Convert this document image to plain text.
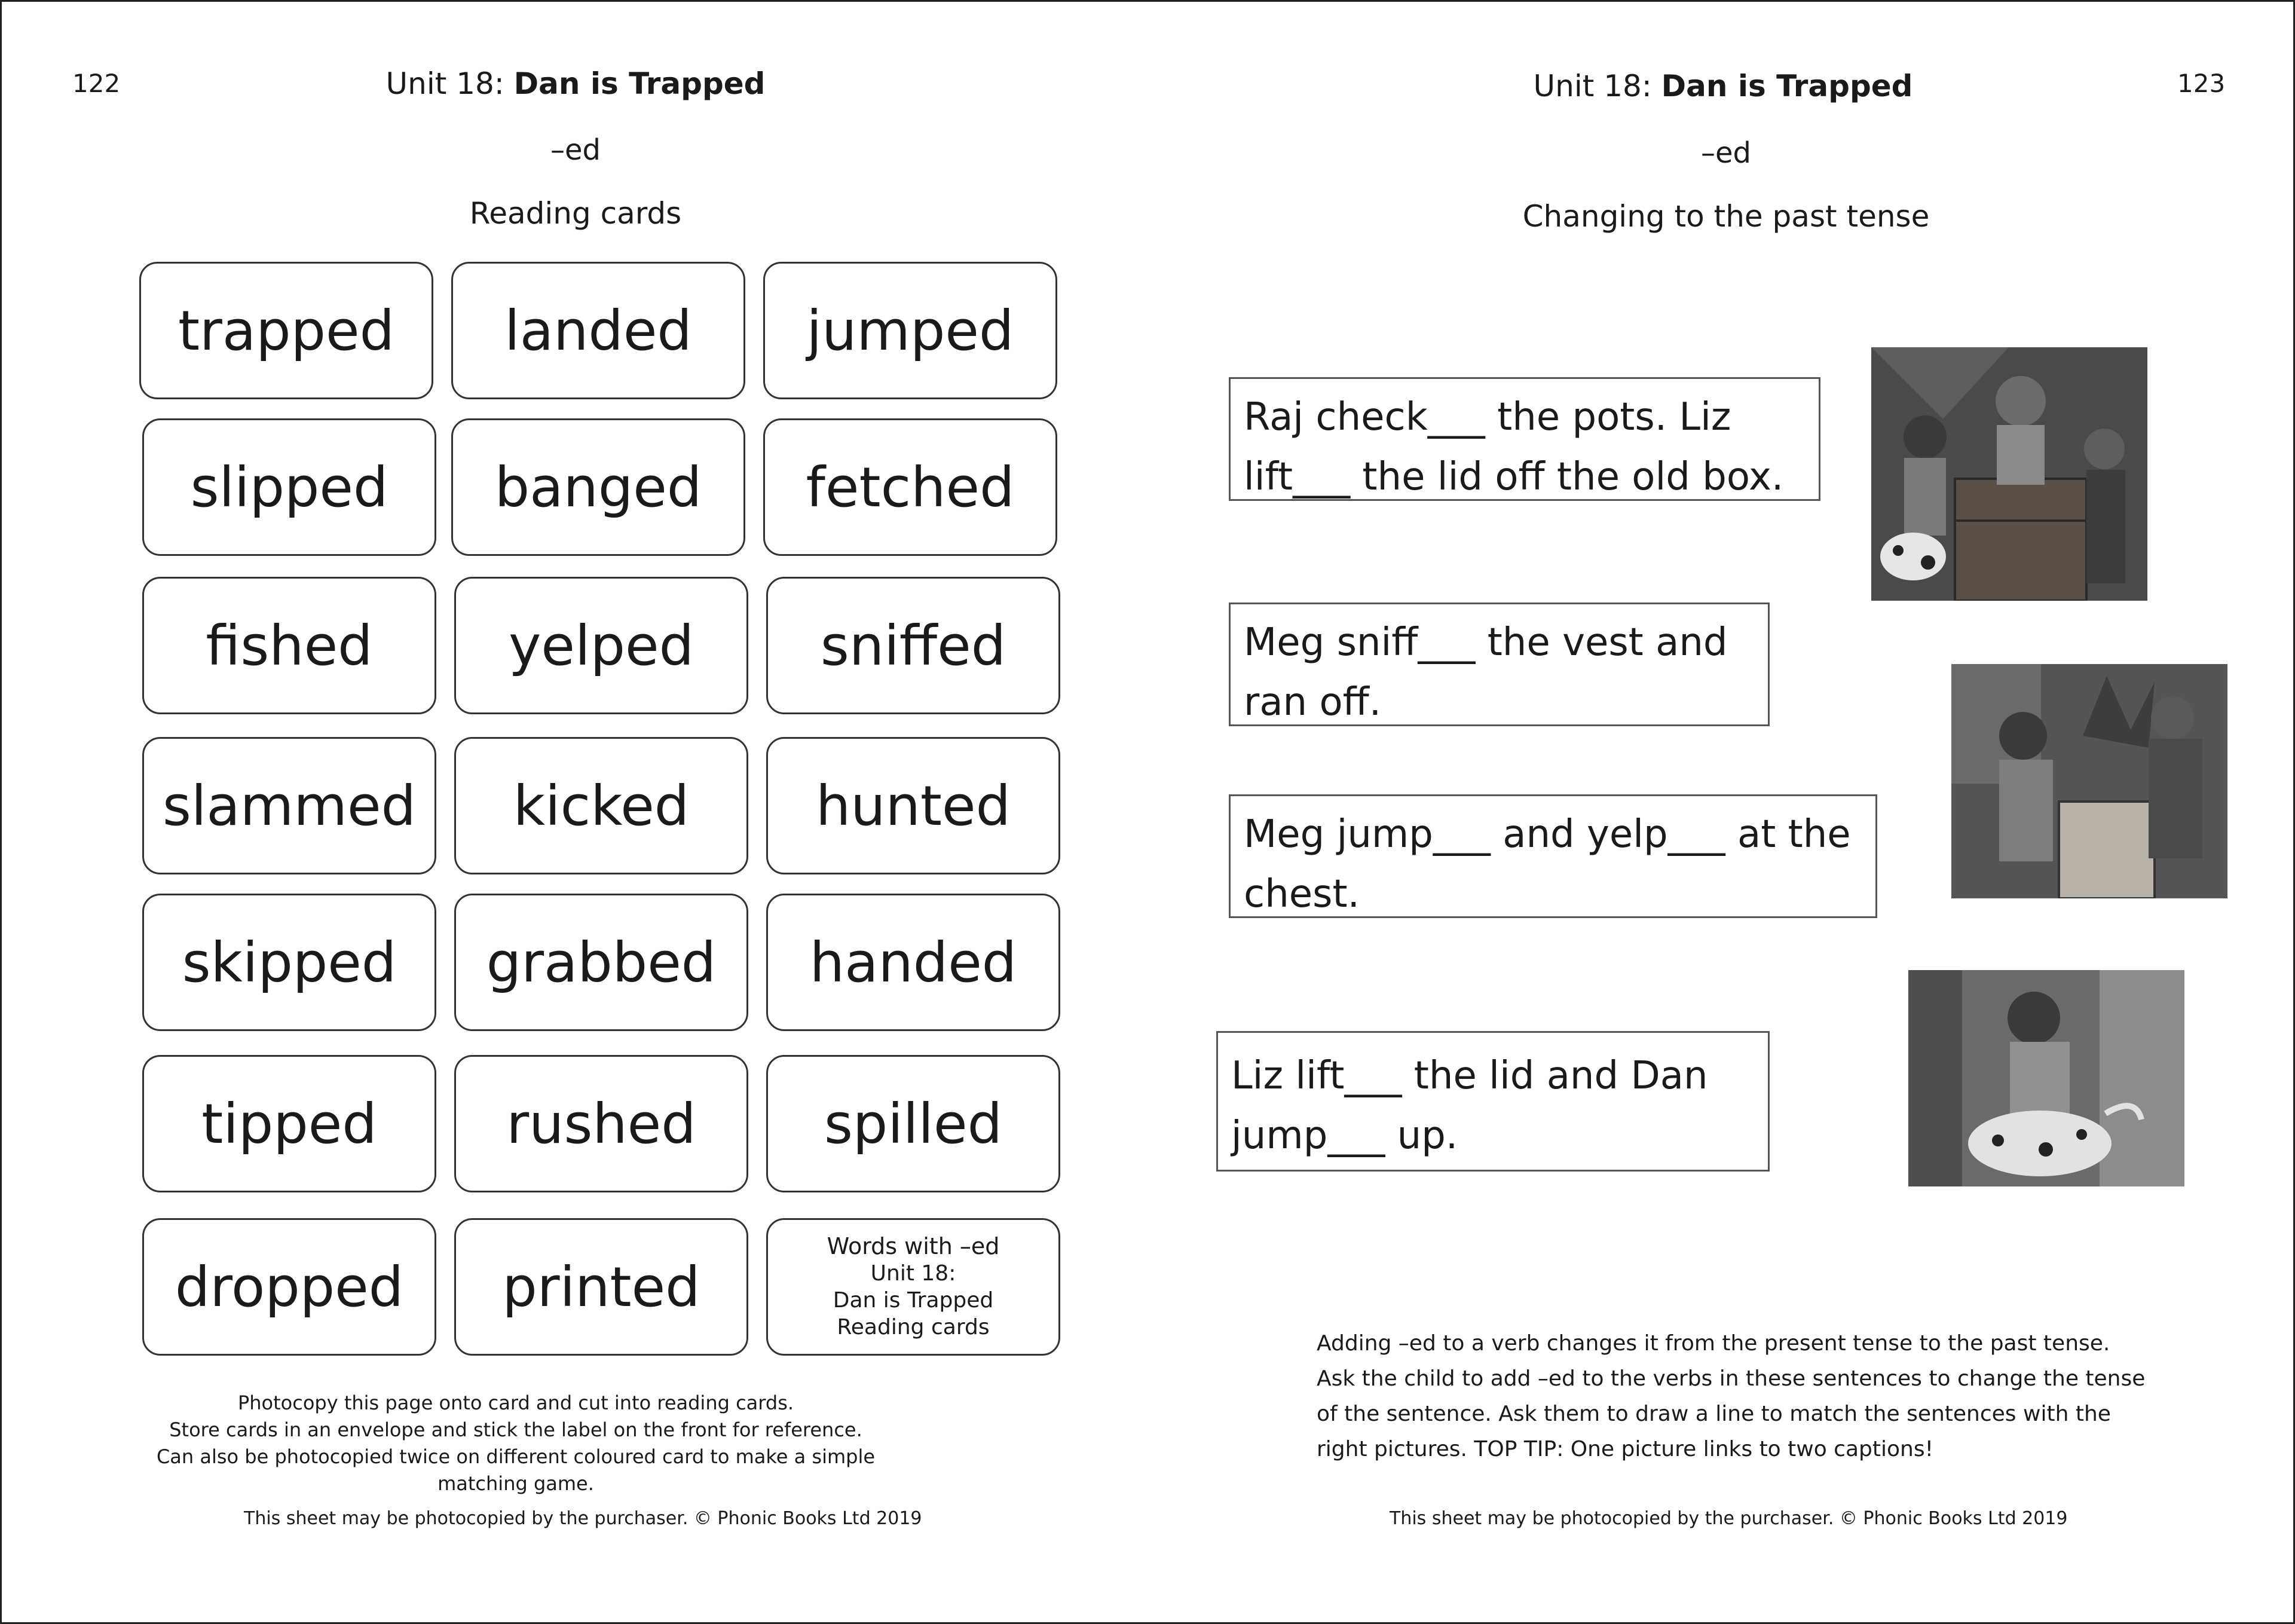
122	Unit 18: Dan is Trapped
–ed
Reading cards
trapped	landed	jumped
slipped	banged	fetched
fished	yelped	sniffed
slammed	kicked	hunted
skipped	grabbed	handed
tipped	rushed	spilled
dropped	printed
Words with –ed
Unit 18:
Dan is Trapped
Reading cards
Photocopy this page onto card and cut into reading cards.
Store cards in an envelope and stick the label on the front for reference.
Can also be photocopied twice on different coloured card to make a simple matching game.
This sheet may be photocopied by the purchaser. © Phonic Books Ltd 2019
123
Unit 18: Dan is Trapped
–ed
Changing to the past tense
Raj check___ the pots. Liz
lift___ the lid off the old box.
Meg sniff___ the vest and
ran off.
Meg jump___ and yelp___ at the
chest.
Liz lift___ the lid and Dan
jump___ up.
Adding –ed to a verb changes it from the present tense to the past tense.
Ask the child to add –ed to the verbs in these sentences to change the tense
of the sentence. Ask them to draw a line to match the sentences with the
right pictures. TOP TIP: One picture links to two captions!
This sheet may be photocopied by the purchaser. © Phonic Books Ltd 2019
